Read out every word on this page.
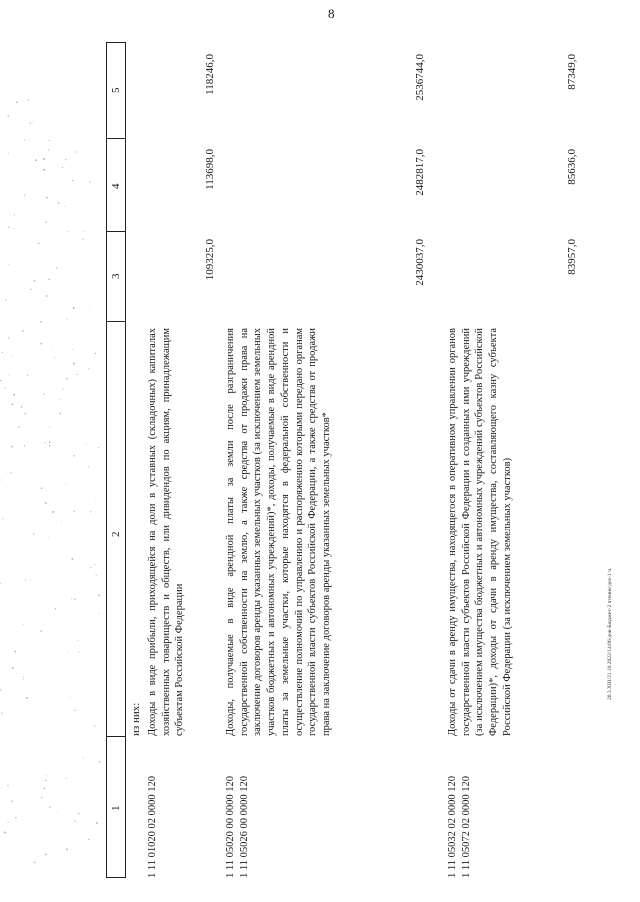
8
1
2
3
4
5
из них:
1 11 01020 02 0000 120
Доходы в виде прибыли, приходящейся на доли в уставных (складочных) капиталах хозяйственных товариществ и обществ, или дивидендов по акциям, принадлежащим субъектам Российской Федерации
109325,0
113698,0
118246,0
1 11 05020 00 0000 120 1 11 05026 00 0000 120
Доходы, получаемые в виде арендной платы за земли после разграничения государственной собственности на землю, а также средства от продажи права на заключение договоров аренды указанных земельных участков (за исключением земельных участков бюджетных и автономных учреждений)*, доходы, получаемые в виде арендной платы за земельные участки, которые находятся в федеральной собственности и осуществление полномочий по управлению и распоряжению которыми передано органам государственной власти субъектов Российской Федерации, а также средства от продажи права на заключение договоров аренды указанных земельных участков*
2430037,0
2482817,0
2536744,0
1 11 05032 02 0000 120 1 11 05072 02 0000 120
Доходы от сдачи в аренду имущества, находящегося в оперативном управлении органов государственной власти субъектов Российской Федерации и созданных ими учреждений (за исключением имущества бюджетных и автономных учреждений субъектов Российской Федерации)*, доходы от сдачи в аренду имущества, составляющего казну субъекта Российской Федерации (за исключением земельных участков)
83957,0
85636,0
87349,0
20.3.XIII/31.10.2022/14:06/дов-Бюджет-2 чтение/дох-1 ч.
